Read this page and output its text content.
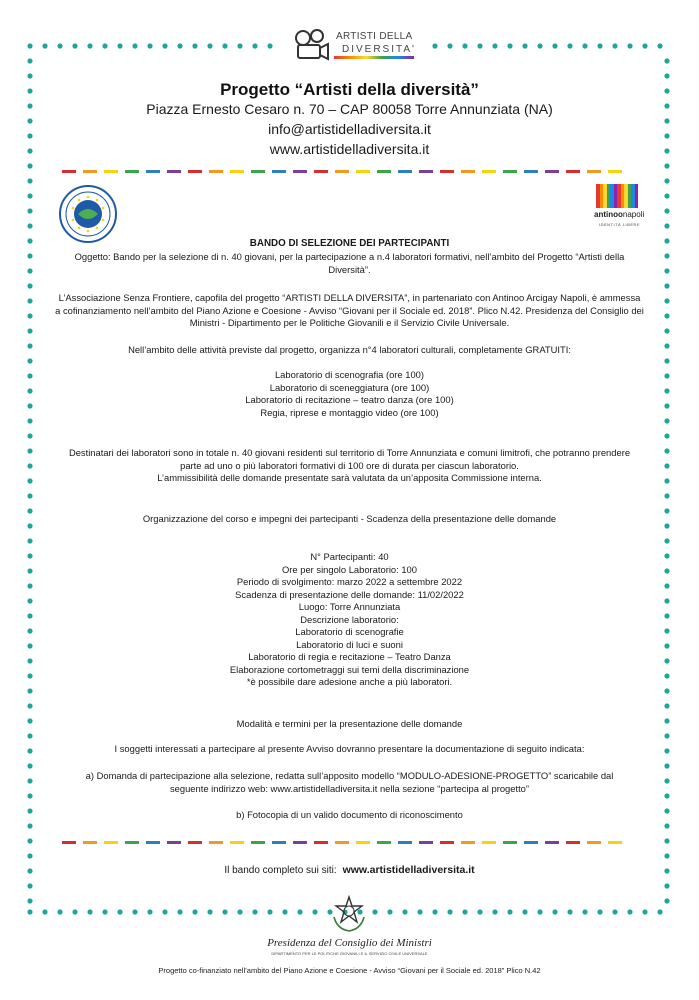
ARTISTI DELLA
DIVERSITA'
Progetto “Artisti della diversità”
Piazza Ernesto Cesaro n. 70 – CAP 80058 Torre Annunziata (NA)
info@artistidelladiversita.it
www.artistidelladiversita.it
antinoonapoli
IDENTITÀ LIBERE
BANDO DI SELEZIONE DEI PARTECIPANTI
Oggetto: Bando per la selezione di n. 40 giovani, per la partecipazione a n.4 laboratori formativi, nell’ambito del Progetto “Artisti della Diversità”.
L’Associazione Senza Frontiere, capofila del progetto “ARTISTI DELLA DIVERSITA”, in partenariato con Antinoo Arcigay Napoli, è ammessa a cofinanziamento nell’ambito del Piano Azione e Coesione - Avviso “Giovani per il Sociale ed. 2018”. Plico N.42. Presidenza del Consiglio dei Ministri - Dipartimento per le Politiche Giovanili e il Servizio Civile Universale.
Nell’ambito delle attività previste dal progetto, organizza n°4 laboratori culturali, completamente GRATUITI:
Laboratorio di scenografia (ore 100)
Laboratorio di sceneggiatura (ore 100)
Laboratorio di recitazione – teatro danza (ore 100)
Regia, riprese e montaggio video (ore 100)
Destinatari dei laboratori sono in totale n. 40 giovani residenti sul territorio di Torre Annunziata e comuni limitrofi, che potranno prendere parte ad uno o più laboratori formativi di 100 ore di durata per ciascun laboratorio.
L’ammissibilità delle domande presentate sarà valutata da un’apposita Commissione interna.
Organizzazione del corso e impegni dei partecipanti - Scadenza della presentazione delle domande
N° Partecipanti: 40
Ore per singolo Laboratorio: 100
Periodo di svolgimento: marzo 2022 a settembre 2022
Scadenza di presentazione delle domande: 11/02/2022
Luogo: Torre Annunziata
Descrizione laboratorio:
Laboratorio di scenografie
Laboratorio di luci e suoni
Laboratorio di regia e recitazione – Teatro Danza
Elaborazione cortometraggi sui temi della discriminazione
*è possibile dare adesione anche a più laboratori.
Modalità e termini per la presentazione delle domande
I soggetti interessati a partecipare al presente Avviso dovranno presentare la documentazione di seguito indicata:
a) Domanda di partecipazione alla selezione, redatta sull’apposito modello “MODULO-ADESIONE-PROGETTO” scaricabile dal seguente indirizzo web: www.artistidelladiversita.it nella sezione “partecipa al progetto”
b) Fotocopia di un valido documento di riconoscimento
Il bando completo sui siti: www.artistidelladiversita.it
Presidenza del Consiglio dei Ministri
DIPARTIMENTO PER LE POLITICHE GIOVANILI E IL SERVIZIO CIVILE UNIVERSALE
Progetto co-finanziato nell’ambito del Piano Azione e Coesione - Avviso “Giovani per il Sociale ed. 2018” Plico N.42
